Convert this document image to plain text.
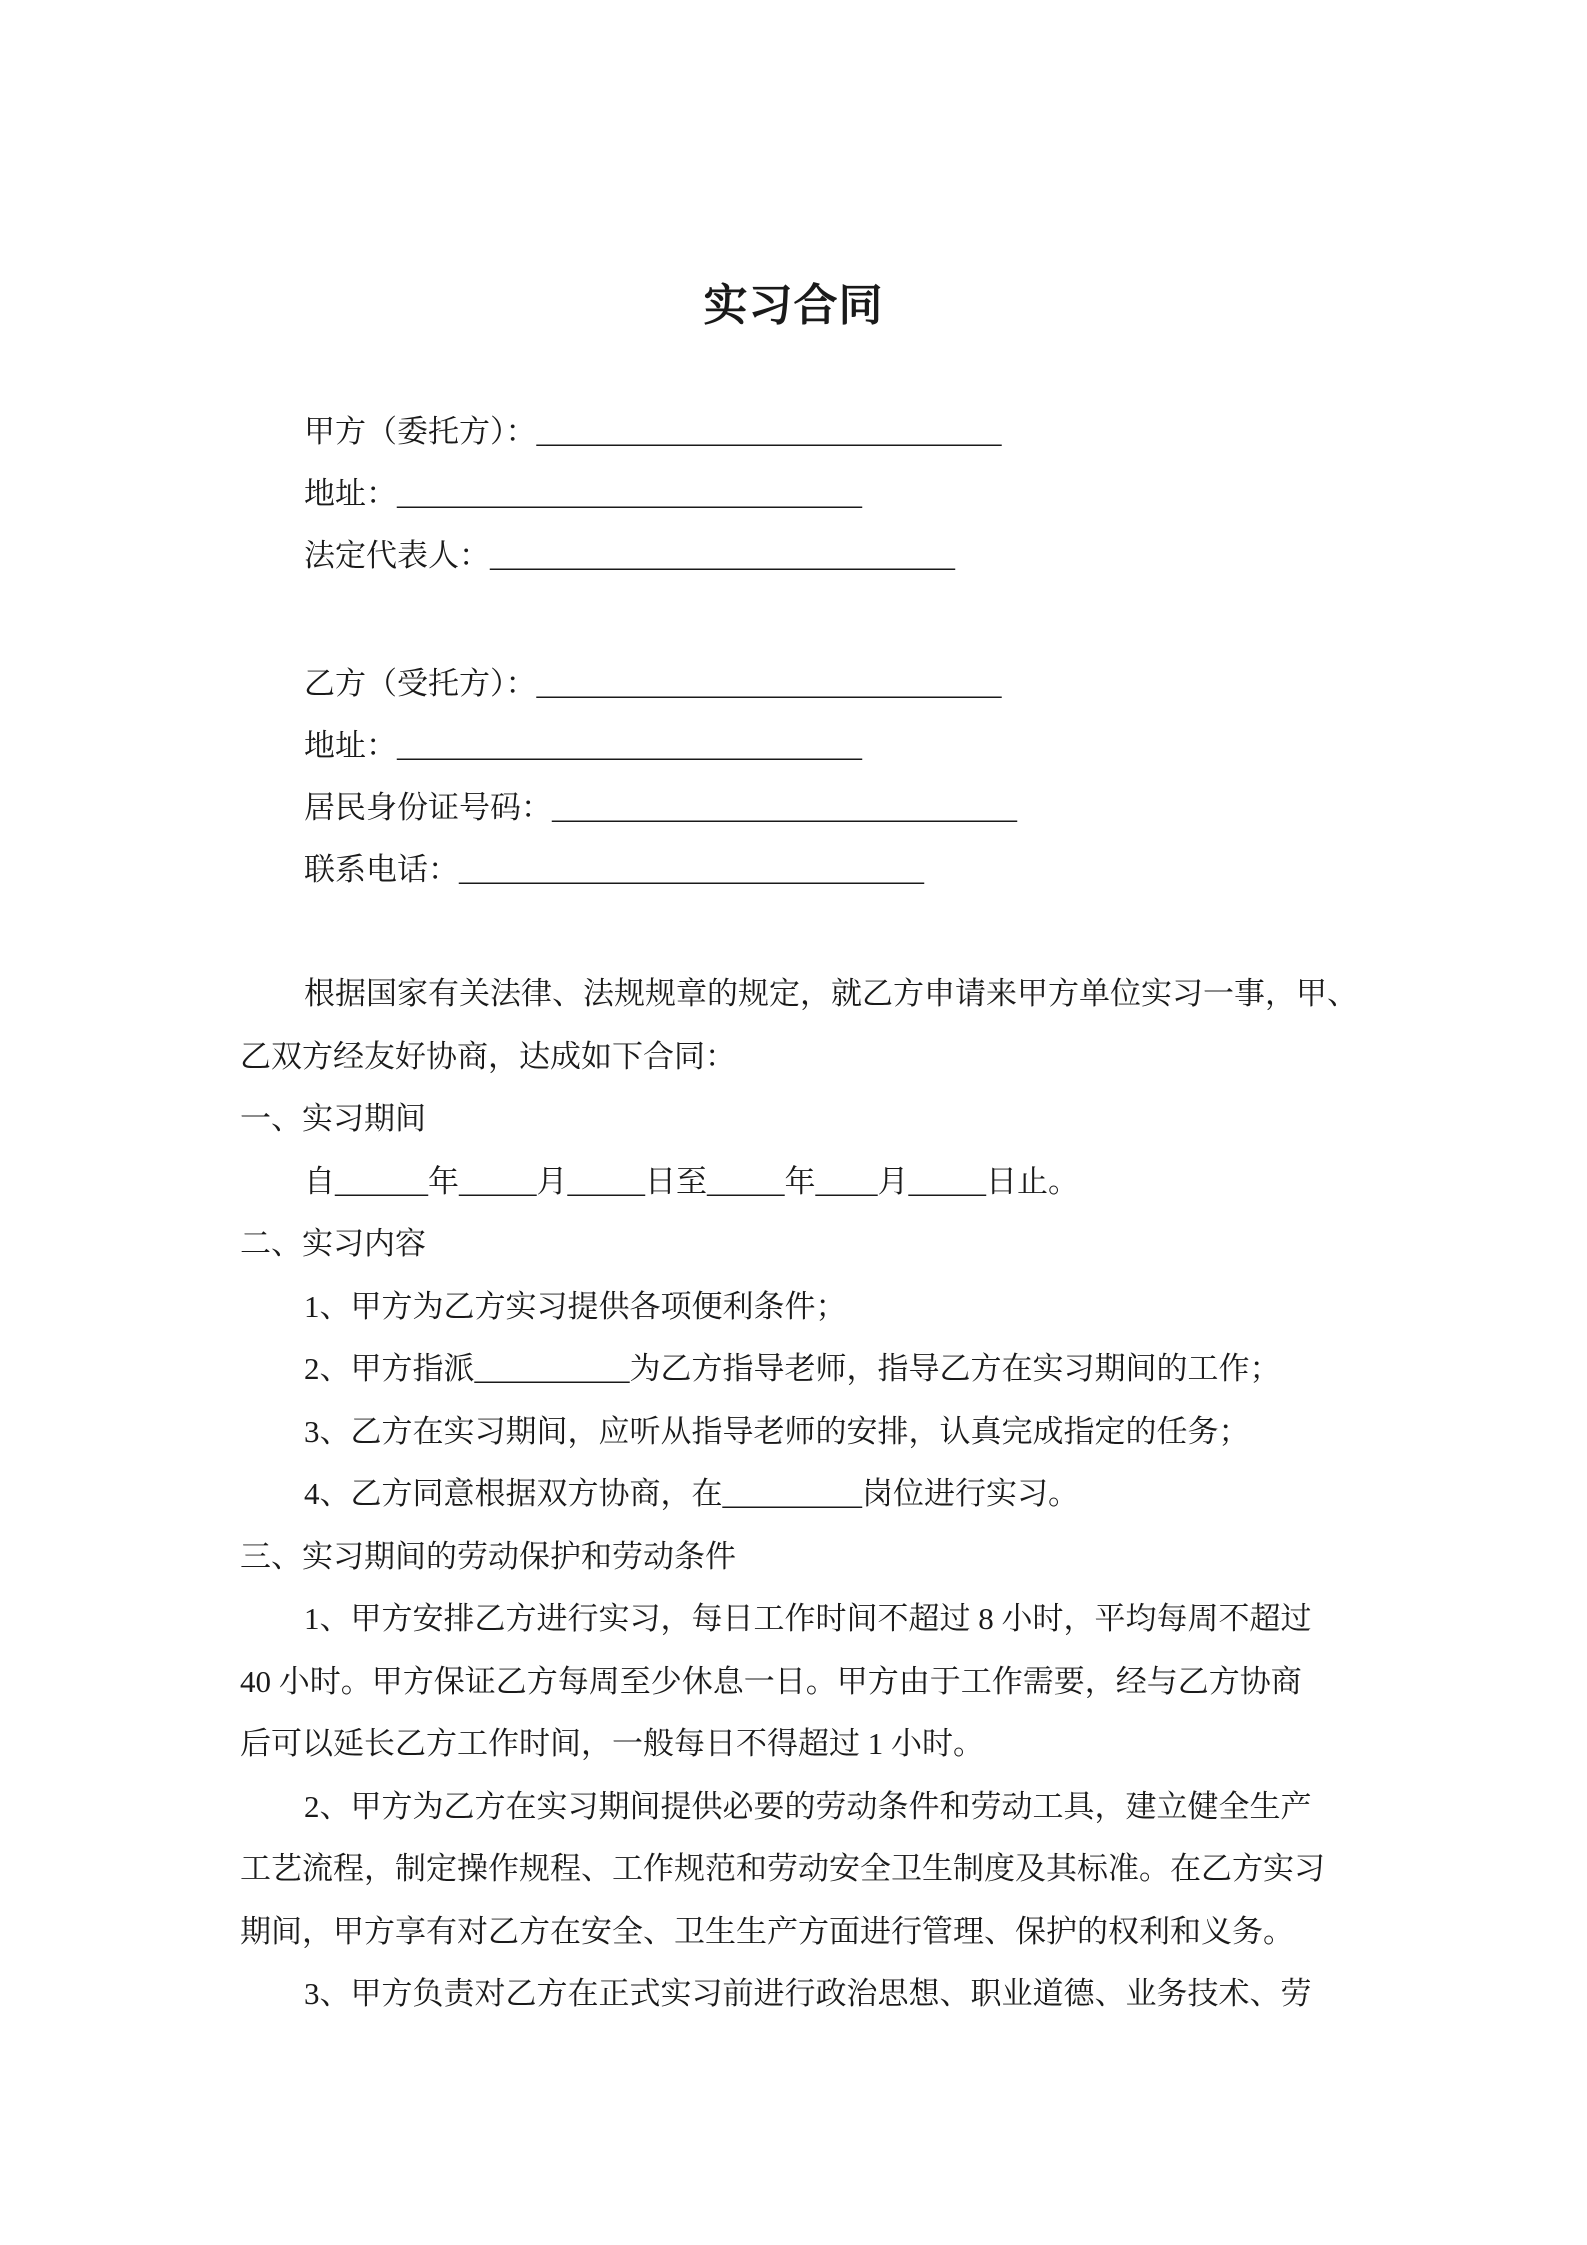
实习合同
甲方（委托方）：______________________________
地址：______________________________
法定代表人：______________________________
乙方（受托方）：______________________________
地址：______________________________
居民身份证号码：______________________________
联系电话：______________________________
根据国家有关法律、法规规章的规定，就乙方申请来甲方单位实习一事，甲、
乙双方经友好协商，达成如下合同：
一、实习期间
自______年_____月_____日至_____年____月_____日止。
二、实习内容
1、甲方为乙方实习提供各项便利条件；
2、甲方指派__________为乙方指导老师，指导乙方在实习期间的工作；
3、乙方在实习期间，应听从指导老师的安排，认真完成指定的任务；
4、乙方同意根据双方协商，在_________岗位进行实习。
三、实习期间的劳动保护和劳动条件
1、甲方安排乙方进行实习，每日工作时间不超过 8 小时，平均每周不超过
40 小时。甲方保证乙方每周至少休息一日。甲方由于工作需要，经与乙方协商
后可以延长乙方工作时间，一般每日不得超过 1 小时。
2、甲方为乙方在实习期间提供必要的劳动条件和劳动工具，建立健全生产
工艺流程，制定操作规程、工作规范和劳动安全卫生制度及其标准。在乙方实习
期间，甲方享有对乙方在安全、卫生生产方面进行管理、保护的权利和义务。
3、甲方负责对乙方在正式实习前进行政治思想、职业道德、业务技术、劳
